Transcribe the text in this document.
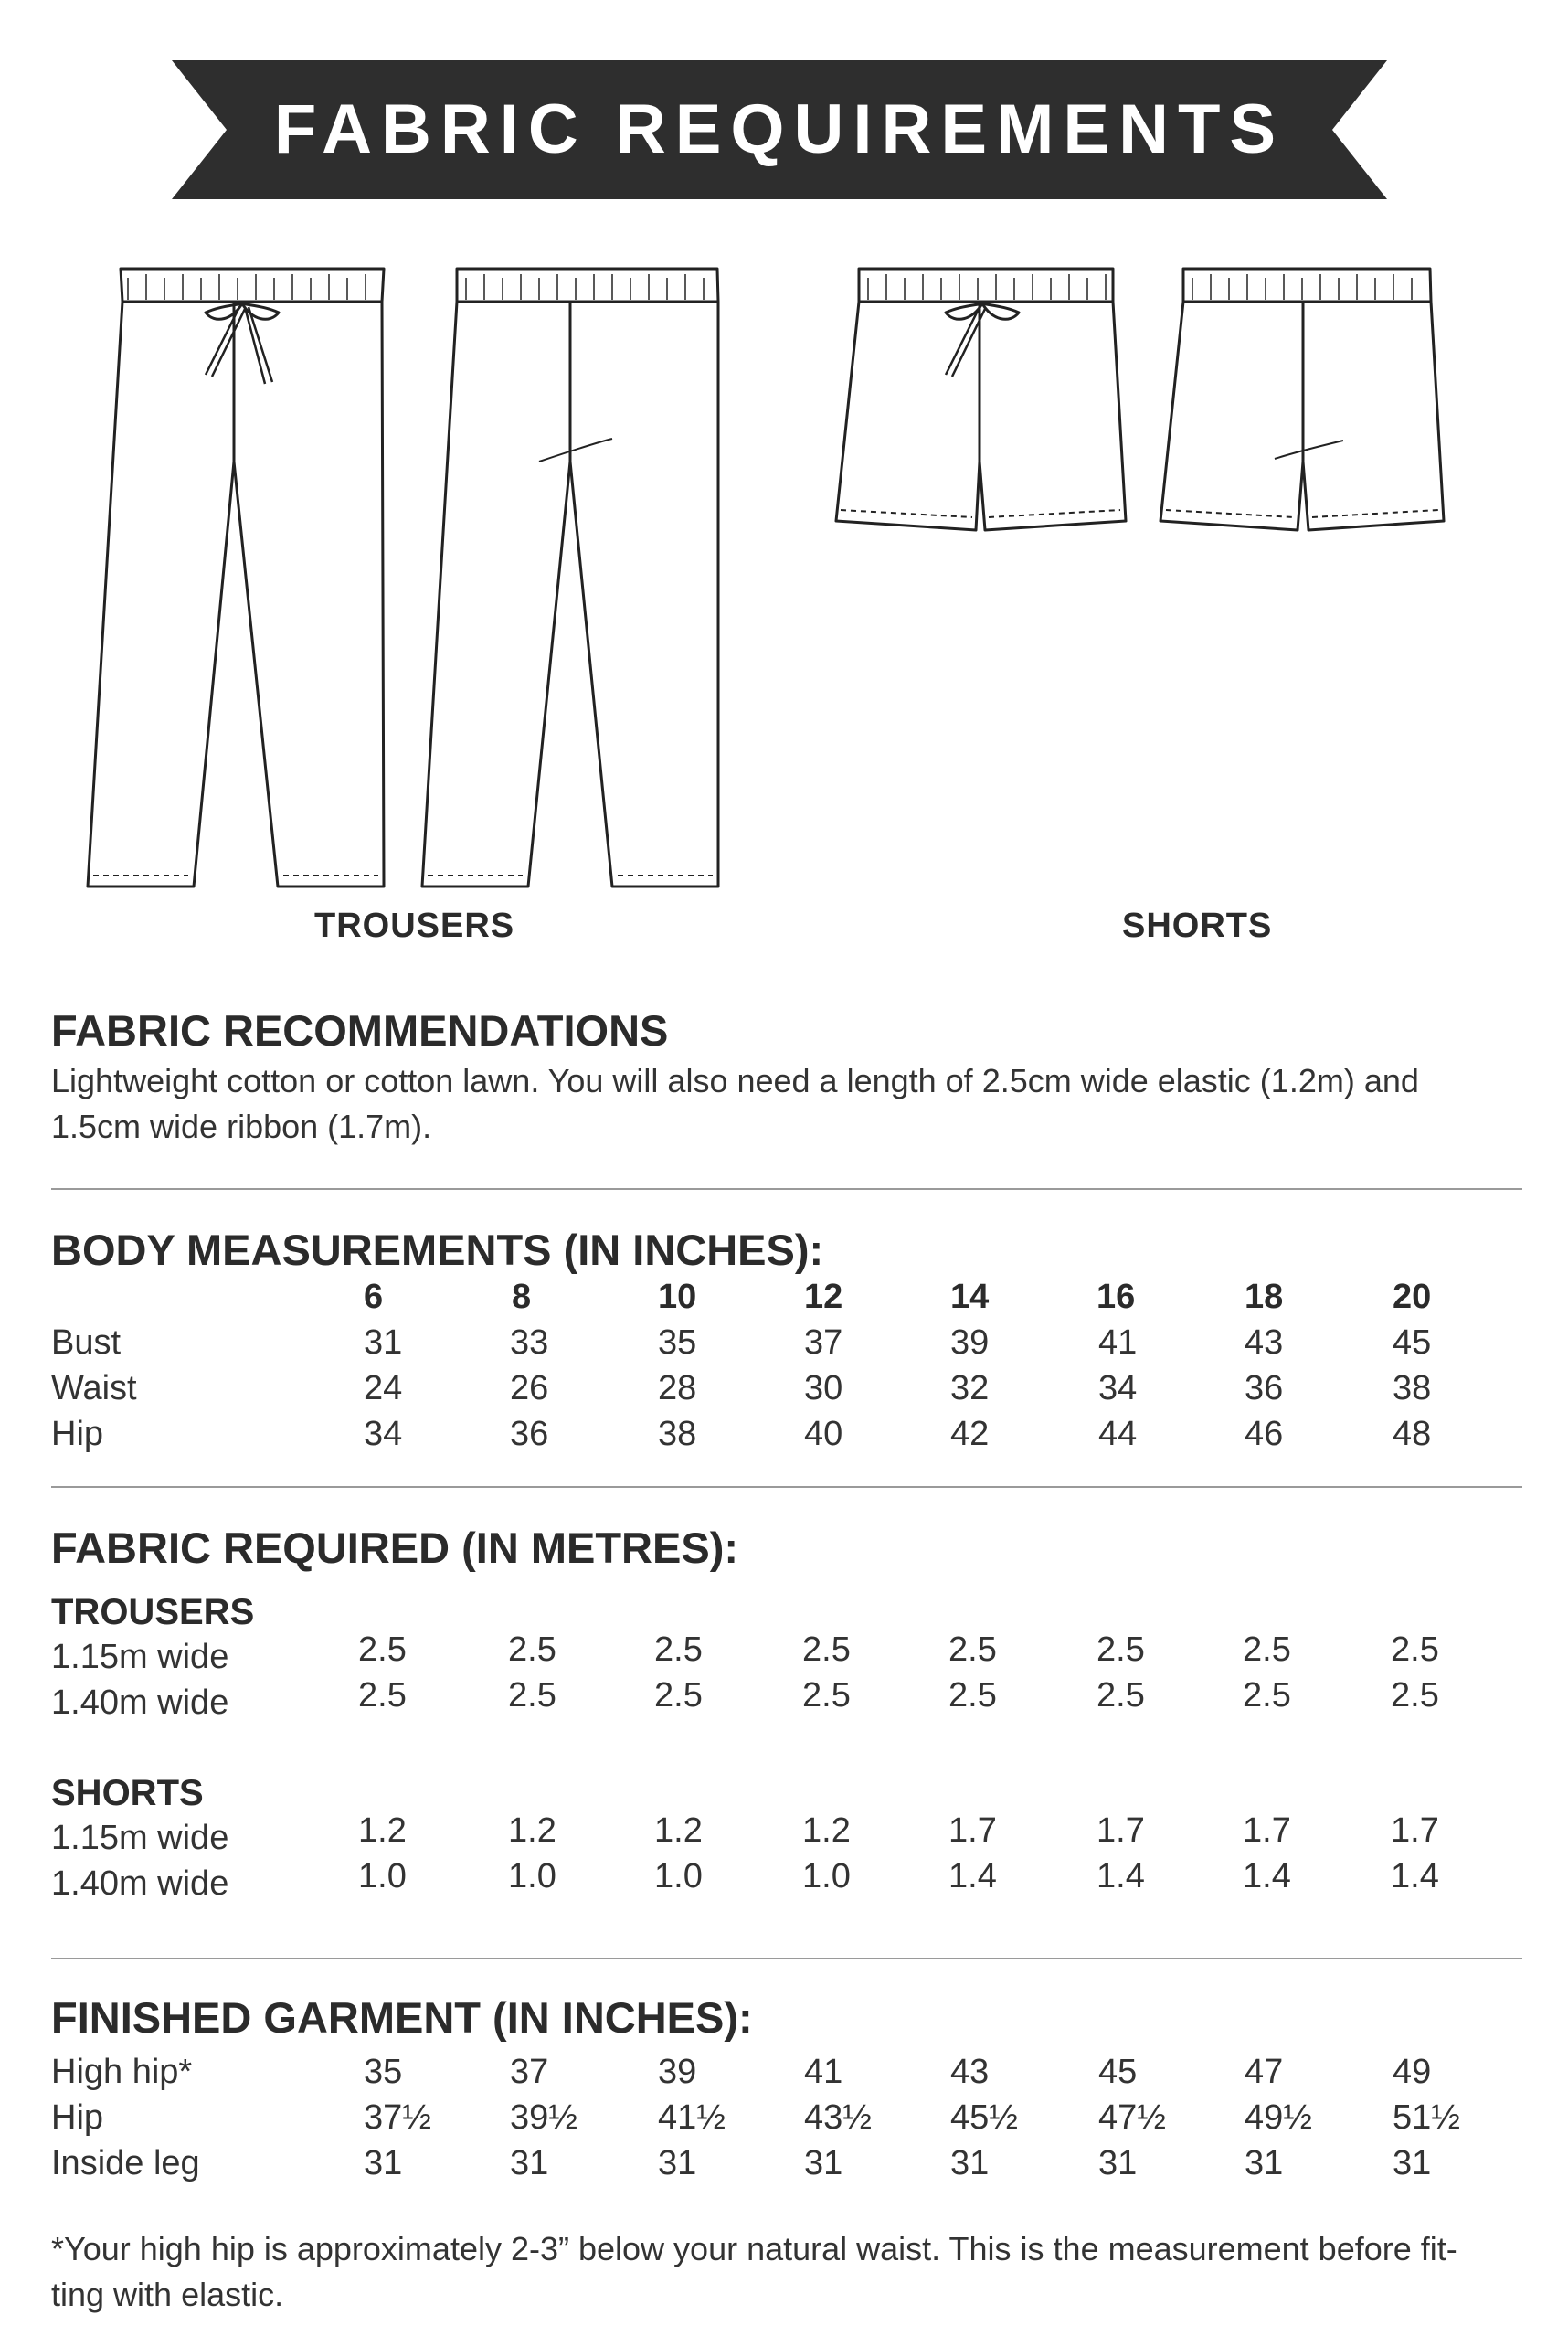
FABRIC REQUIREMENTS
TROUSERS	SHORTS
FABRIC RECOMMENDATIONS
Lightweight cotton or cotton lawn. You will also need a length of 2.5cm wide elastic (1.2m) and
1.5cm wide ribbon (1.7m).
BODY MEASUREMENTS (IN INCHES):
6	8	10	12	14	16	18	20
Bust	31	33	35	37	39	41	43	45
Waist	24	26	28	30	32	34	36	38
Hip	34	36	38	40	42	44	46	48
FABRIC REQUIRED (IN METRES):
TROUSERS
1.15m wide	2.5	2.5	2.5	2.5	2.5	2.5	2.5	2.5
1.40m wide	2.5	2.5	2.5	2.5	2.5	2.5	2.5	2.5
SHORTS
1.15m wide	1.2	1.2	1.2	1.2	1.7	1.7	1.7	1.7
1.40m wide	1.0	1.0	1.0	1.0	1.4	1.4	1.4	1.4
FINISHED GARMENT (IN INCHES):
High hip*	35	37	39	41	43	45	47	49
Hip	37½	39½	41½	43½	45½	47½	49½	51½
Inside leg	31	31	31	31	31	31	31	31
*Your high hip is approximately 2-3” below your natural waist. This is the measurement before fit-
ting with elastic.
